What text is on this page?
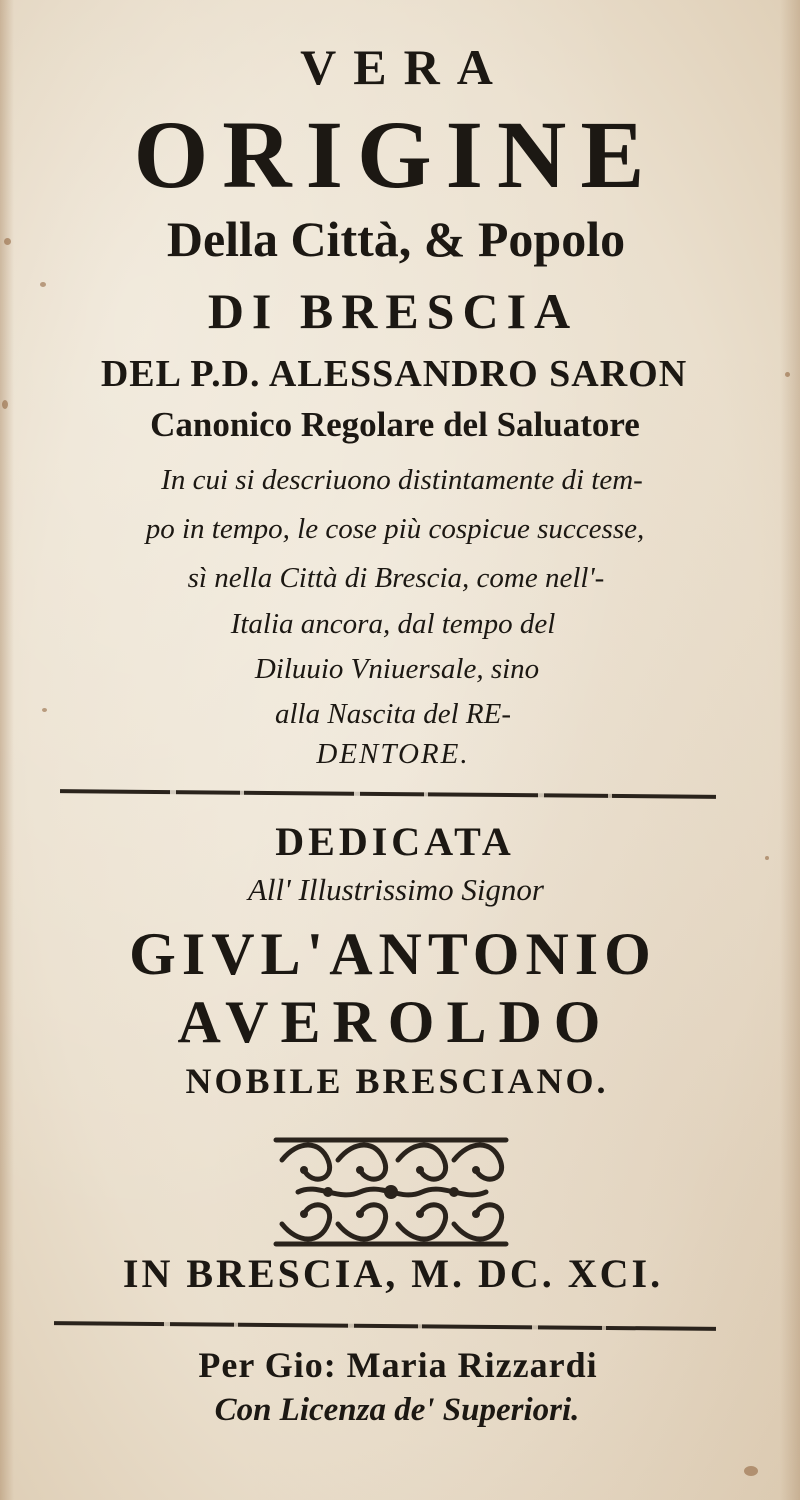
VERA
ORIGINE
Della Città, & Popolo
DI BRESCIA
DEL P.D. ALESSANDRO SARON
Canonico Regolare del Saluatore
In cui si descriuono distintamente di tem-
po in tempo, le cose più cospicue successe,
sì nella Città di Brescia, come nell'-
Italia ancora, dal tempo del
Diluuio Vniuersale, sino
alla Nascita del RE-
DENTORE.
DEDICATA
All' Illustrissimo Signor
GIVL'ANTONIO
AVEROLDO
NOBILE BRESCIANO.
IN BRESCIA, M. DC. XCI.
Per Gio: Maria Rizzardi
Con Licenza de' Superiori.
